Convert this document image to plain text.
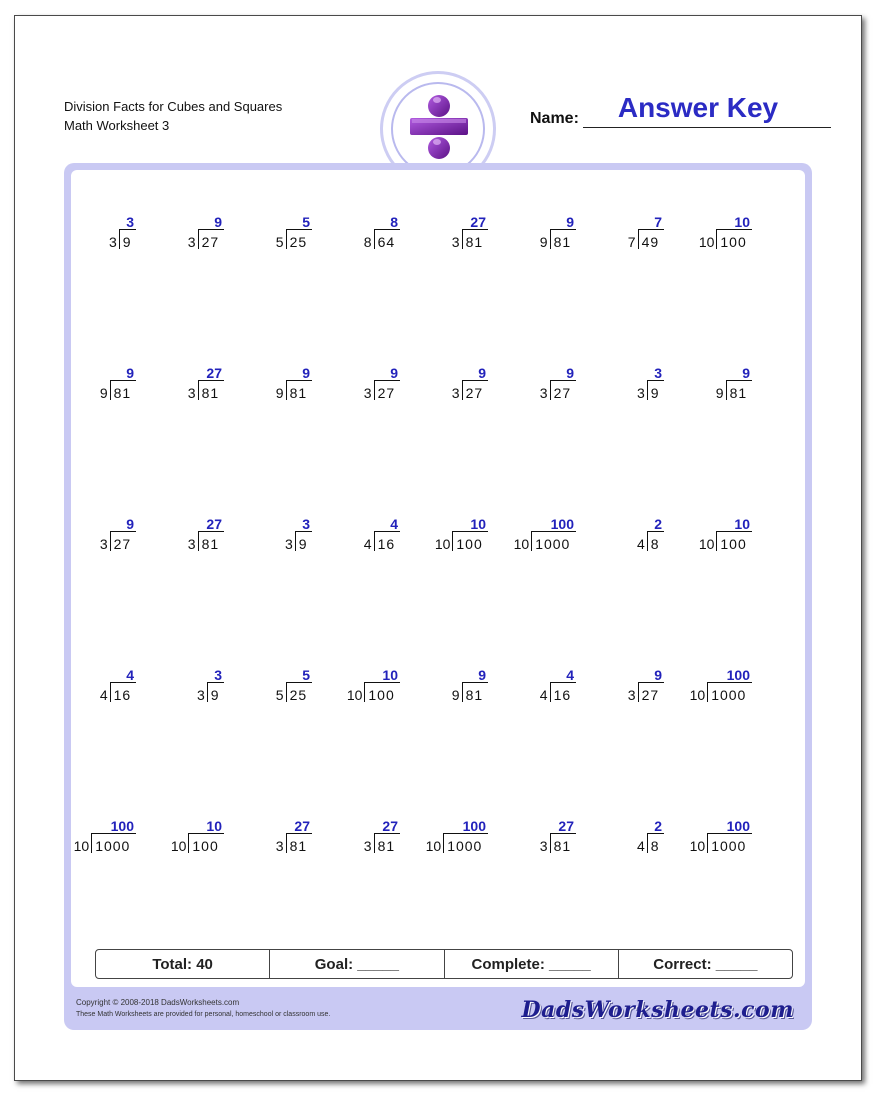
Division Facts for Cubes and Squares
Math Worksheet 3	Name:	Answer Key
3
3 9
9
3 27
5
5 25
8
8 64
27
3 81
9
9 81
7
7 49
10
10 100
9
9 81
27
3 81
9
9 81
9
3 27
9
3 27
9
3 27
3
3 9
9
9 81
9
3 27
27
3 81
3
3 9
4
4 16
10
10 100
100
10 1000
2
4 8
10
10 100
4
4 16
3
3 9
5
5 25
10
10 100
9
9 81
4
4 16
9
3 27
100
10 1000
100
10 1000
10
10 100
27
3 81
27
3 81
100
10 1000
27
3 81
2
4 8
100
10 1000
Total: 40	Goal: _____	Complete: _____	Correct: _____
Copyright © 2008-2018 DadsWorksheets.com
These Math Worksheets are provided for personal, homeschool or classroom use.	DadsWorksheets.com
